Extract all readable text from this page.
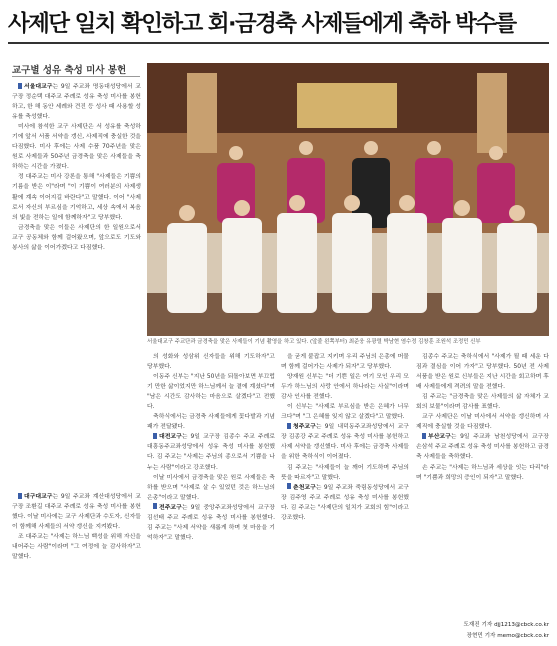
사제단 일치 확인하고 회·금경축 사제들에게 축하 박수를
교구별 성유 축성 미사 봉헌

서울대교구는 9일 주교좌 명동대성당에서 교구장 정순택 대주교 주례로 성유 축성 미사를 봉헌하고, 한 해 동안 세례와 견진 등 성사 때 사용할 성유를 축성했다.

미사에 참석한 교구 사제단은 서 성유를 축성하기에 앞서 서품 서약을 갱신, 사제직에 충실한 것을 다짐했다. 미사 후에는 사제 수품 70주년을 맞은 원로 사제들과 50주년 금경축을 맞은 사제들을 축하하는 시간을 가졌다.

정 대주교는 미사 강론을 통해 "사제들은 기쁨의 기름을 받은 이"라며 "이 기쁨이 여러분의 사제생활에 계속 이어지길 바란다"고 말했다. 이어 "사제로서 자신의 부르심을 기억하고, 세상 속에서 복음의 빛을 전하는 일에 함께하자"고 당부했다.

금경축을 맞은 이들은 사제단의 한 일원으로서 교구 공동체와 함께 걸어왔으며, 앞으로도 기도와 봉사의 삶을 이어가겠다고 다짐했다.

대구대교구는 9일 주교좌 계산대성당에서 교구장 조환길 대주교 주례로 성유 축성 미사를 봉헌했다. 이날 미사에는 교구 사제단과 수도자, 신자들이 함께해 사제들의 서약 갱신을 지켜봤다.

조 대주교는 "사제는 하느님 백성을 위해 자신을 내어주는 사람"이라며 "그 여정에 늘 감사하자"고 말했다.

서울대교구 주교단과 금경축을 맞은 사제들이 기념 촬영을 하고 있다. (앞줄 왼쪽부터) 최준웅 유광렬 박남현 염수정 김창훈 조원석 조정민 신부

의 성화와 성삼위 신자들을 위해 기도하자"고 당부했다.

이동주 신부는 "지난 50년을 되돌아보면 부끄럽기 만한 삶이었지만 하느님께서 늘 곁에 계셨다"며 "남은 시간도 감사하는 마음으로 살겠다"고 전했다.

축하식에서는 금경축 사제들에게 꽃다발과 기념패가 전달됐다.

대전교구는 9일 교구장 김종수 주교 주례로 대흥동주교좌성당에서 성유 축성 미사를 봉헌했다. 김 주교는 "사제는 주님의 종으로서 기쁨을 나누는 사람"이라고 강조했다.

이날 미사에서 금경축을 맞은 원로 사제들은 축하를 받으며 "사제로 살 수 있었던 것은 하느님의 은총"이라고 말했다.

전주교구는 9일 중앙주교좌성당에서 교구장 김선태 주교 주례로 성유 축성 미사를 봉헌했다. 김 주교는 "사제 서약을 새롭게 하며 첫 마음을 기억하자"고 말했다.

을 굳게 붙잡고 지키며 우리 주님의 은총에 머물며 함께 걸어가는 사제가 되자"고 당부했다.

양재원 신부는 "더 기쁜 일은 여기 모인 우리 모두가 하느님의 사랑 안에서 하나라는 사실"이라며 감사 인사를 전했다.

이 신부는 "사제로 부르심을 받은 은혜가 너무 크다"며 "그 은혜를 잊지 않고 살겠다"고 말했다.

청주교구는 9일 내덕동주교좌성당에서 교구장 김종강 주교 주례로 성유 축성 미사를 봉헌하고 사제 서약을 갱신했다. 미사 후에는 금경축 사제들을 위한 축하식이 이어졌다.

김 주교는 "사제들이 늘 깨어 기도하며 주님의 뜻을 따르자"고 말했다.

춘천교구는 9일 주교좌 죽림동성당에서 교구장 김주영 주교 주례로 성유 축성 미사를 봉헌했다. 김 주교는 "사제단의 일치가 교회의 힘"이라고 강조했다.

김종수 주교는 축하식에서 "사제가 될 때 세운 다짐과 결심을 이어 가자"고 당부했다. 50년 전 사제서품을 받은 원로 신부들은 지난 시간을 회고하며 후배 사제들에게 격려의 말을 전했다.

김 주교는 "금경축을 맞은 사제들의 삶 자체가 교회의 보물"이라며 감사를 표했다.

교구 사제단은 이날 미사에서 서약을 갱신하며 사제직에 충실할 것을 다짐했다.

부산교구는 9일 주교좌 남천성당에서 교구장 손삼석 주교 주례로 성유 축성 미사를 봉헌하고 금경축 사제들을 축하했다.

손 주교는 "사제는 하느님과 세상을 잇는 다리"라며 "기쁨과 희망의 증인이 되자"고 말했다.

도재진 기자 djj1213@cbck.co.kr
장현민 기자 memo@cbck.co.kr
